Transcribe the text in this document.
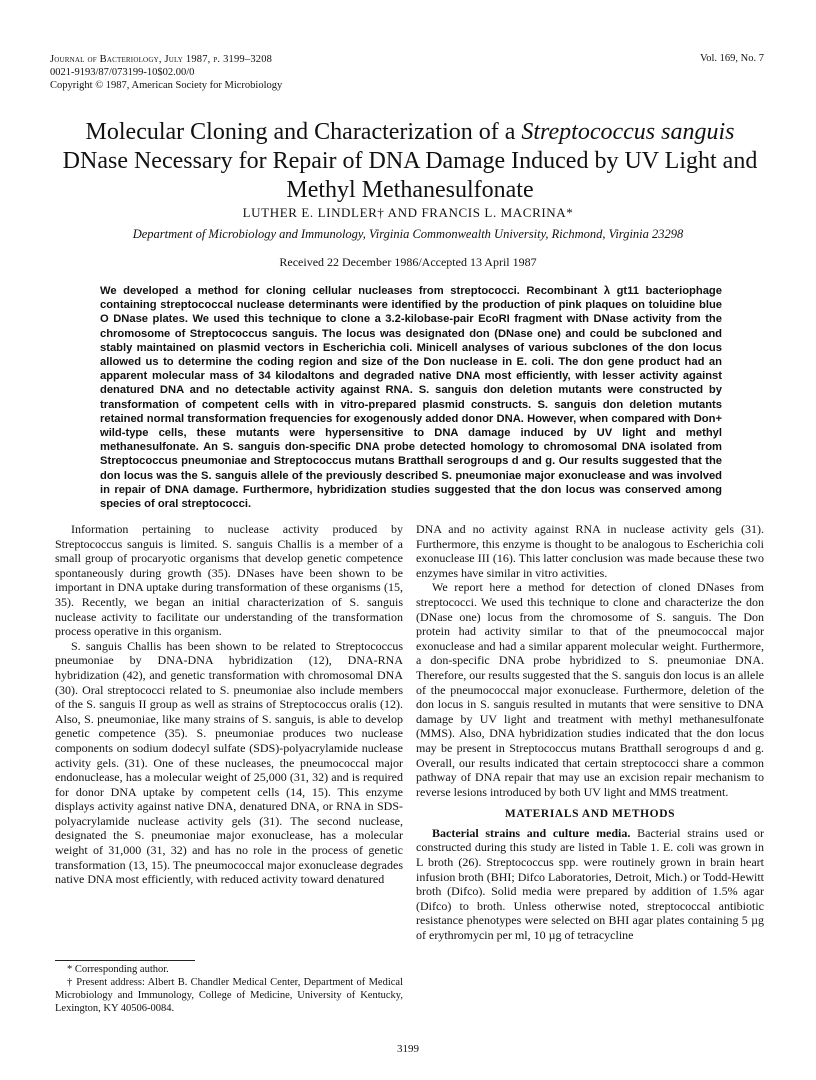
Journal of Bacteriology, July 1987, p. 3199–3208
0021-9193/87/073199-10$02.00/0
Copyright © 1987, American Society for Microbiology
Vol. 169, No. 7
Molecular Cloning and Characterization of a Streptococcus sanguis DNase Necessary for Repair of DNA Damage Induced by UV Light and Methyl Methanesulfonate
LUTHER E. LINDLER† AND FRANCIS L. MACRINA*
Department of Microbiology and Immunology, Virginia Commonwealth University, Richmond, Virginia 23298
Received 22 December 1986/Accepted 13 April 1987

We developed a method for cloning cellular nucleases from streptococci. Recombinant λ gt11 bacteriophage containing streptococcal nuclease determinants were identified by the production of pink plaques on toluidine blue O DNase plates. We used this technique to clone a 3.2-kilobase-pair EcoRI fragment with DNase activity from the chromosome of Streptococcus sanguis. The locus was designated don (DNase one) and could be subcloned and stably maintained on plasmid vectors in Escherichia coli. Minicell analyses of various subclones of the don locus allowed us to determine the coding region and size of the Don nuclease in E. coli. The don gene product had an apparent molecular mass of 34 kilodaltons and degraded native DNA most efficiently, with lesser activity against denatured DNA and no detectable activity against RNA. S. sanguis don deletion mutants were constructed by transformation of competent cells with in vitro-prepared plasmid constructs. S. sanguis don deletion mutants retained normal transformation frequencies for exogenously added donor DNA. However, when compared with Don+ wild-type cells, these mutants were hypersensitive to DNA damage induced by UV light and methyl methanesulfonate. An S. sanguis don-specific DNA probe detected homology to chromosomal DNA isolated from Streptococcus pneumoniae and Streptococcus mutans Bratthall serogroups d and g. Our results suggested that the don locus was the S. sanguis allele of the previously described S. pneumoniae major exonuclease and was involved in repair of DNA damage. Furthermore, hybridization studies suggested that the don locus was conserved among species of oral streptococci.

Information pertaining to nuclease activity produced by Streptococcus sanguis is limited. S. sanguis Challis is a member of a small group of procaryotic organisms that develop genetic competence spontaneously during growth (35). DNases have been shown to be important in DNA uptake during transformation of these organisms (15, 35). Recently, we began an initial characterization of S. sanguis nuclease activity to facilitate our understanding of the transformation process operative in this organism.

S. sanguis Challis has been shown to be related to Streptococcus pneumoniae by DNA-DNA hybridization (12), DNA-RNA hybridization (42), and genetic transformation with chromosomal DNA (30). Oral streptococci related to S. pneumoniae also include members of the S. sanguis II group as well as strains of Streptococcus oralis (12). Also, S. pneumoniae, like many strains of S. sanguis, is able to develop genetic competence (35). S. pneumoniae produces two nuclease components on sodium dodecyl sulfate (SDS)-polyacrylamide nuclease activity gels. (31). One of these nucleases, the pneumococcal major endonuclease, has a molecular weight of 25,000 (31, 32) and is required for donor DNA uptake by competent cells (14, 15). This enzyme displays activity against native DNA, denatured DNA, or RNA in SDS-polyacrylamide nuclease activity gels (31). The second nuclease, designated the S. pneumoniae major exonuclease, has a molecular weight of 31,000 (31, 32) and has no role in the process of genetic transformation (13, 15). The pneumococcal major exonuclease degrades native DNA most efficiently, with reduced activity toward denatured

DNA and no activity against RNA in nuclease activity gels (31). Furthermore, this enzyme is thought to be analogous to Escherichia coli exonuclease III (16). This latter conclusion was made because these two enzymes have similar in vitro activities.

We report here a method for detection of cloned DNases from streptococci. We used this technique to clone and characterize the don (DNase one) locus from the chromosome of S. sanguis. The Don protein had activity similar to that of the pneumococcal major exonuclease and had a similar apparent molecular weight. Furthermore, a don-specific DNA probe hybridized to S. pneumoniae DNA. Therefore, our results suggested that the S. sanguis don locus is an allele of the pneumococcal major exonuclease. Furthermore, deletion of the don locus in S. sanguis resulted in mutants that were sensitive to DNA damage by UV light and treatment with methyl methanesulfonate (MMS). Also, DNA hybridization studies indicated that the don locus may be present in Streptococcus mutans Bratthall serogroups d and g. Overall, our results indicated that certain streptococci share a common pathway of DNA repair that may use an excision repair mechanism to reverse lesions introduced by both UV light and MMS treatment.

MATERIALS AND METHODS

Bacterial strains and culture media. Bacterial strains used or constructed during this study are listed in Table 1. E. coli was grown in L broth (26). Streptococcus spp. were routinely grown in brain heart infusion broth (BHI; Difco Laboratories, Detroit, Mich.) or Todd-Hewitt broth (Difco). Solid media were prepared by addition of 1.5% agar (Difco) to broth. Unless otherwise noted, streptococcal antibiotic resistance phenotypes were selected on BHI agar plates containing 5 µg of erythromycin per ml, 10 µg of tetracycline

* Corresponding author.

† Present address: Albert B. Chandler Medical Center, Department of Medical Microbiology and Immunology, College of Medicine, University of Kentucky, Lexington, KY 40506-0084.

3199
